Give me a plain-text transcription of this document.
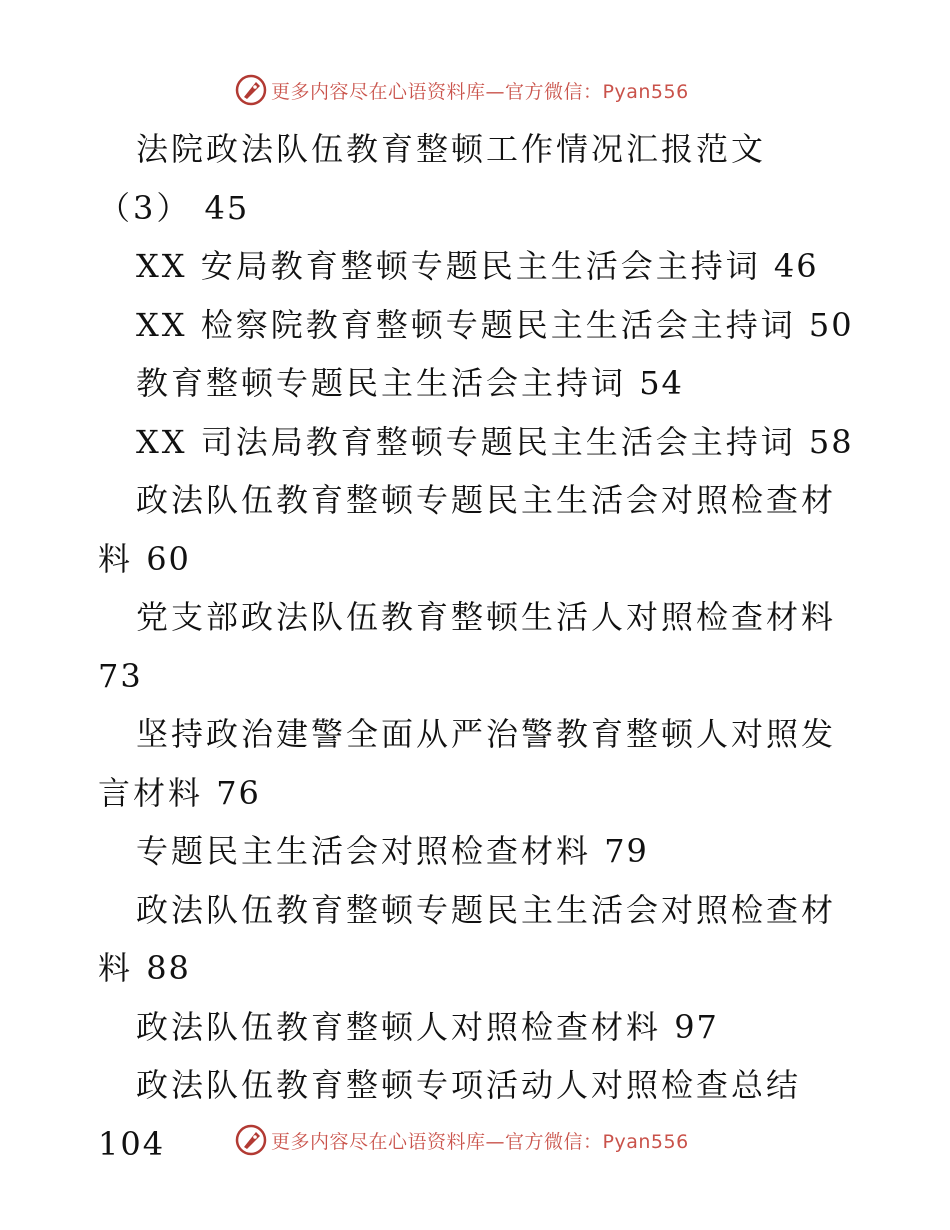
更多内容尽在心语资料库—官方微信：Pyan556
法院政法队伍教育整顿工作情况汇报范文（3） 45
XX 安局教育整顿专题民主生活会主持词 46
XX 检察院教育整顿专题民主生活会主持词 50
教育整顿专题民主生活会主持词 54
XX 司法局教育整顿专题民主生活会主持词 58
政法队伍教育整顿专题民主生活会对照检查材料 60
党支部政法队伍教育整顿生活人对照检查材料 73
坚持政治建警全面从严治警教育整顿人对照发言材料 76
专题民主生活会对照检查材料 79
政法队伍教育整顿专题民主生活会对照检查材料 88
政法队伍教育整顿人对照检查材料 97
政法队伍教育整顿专项活动人对照检查总结 104	更多内容尽在心语资料库—官方微信：Pyan556
